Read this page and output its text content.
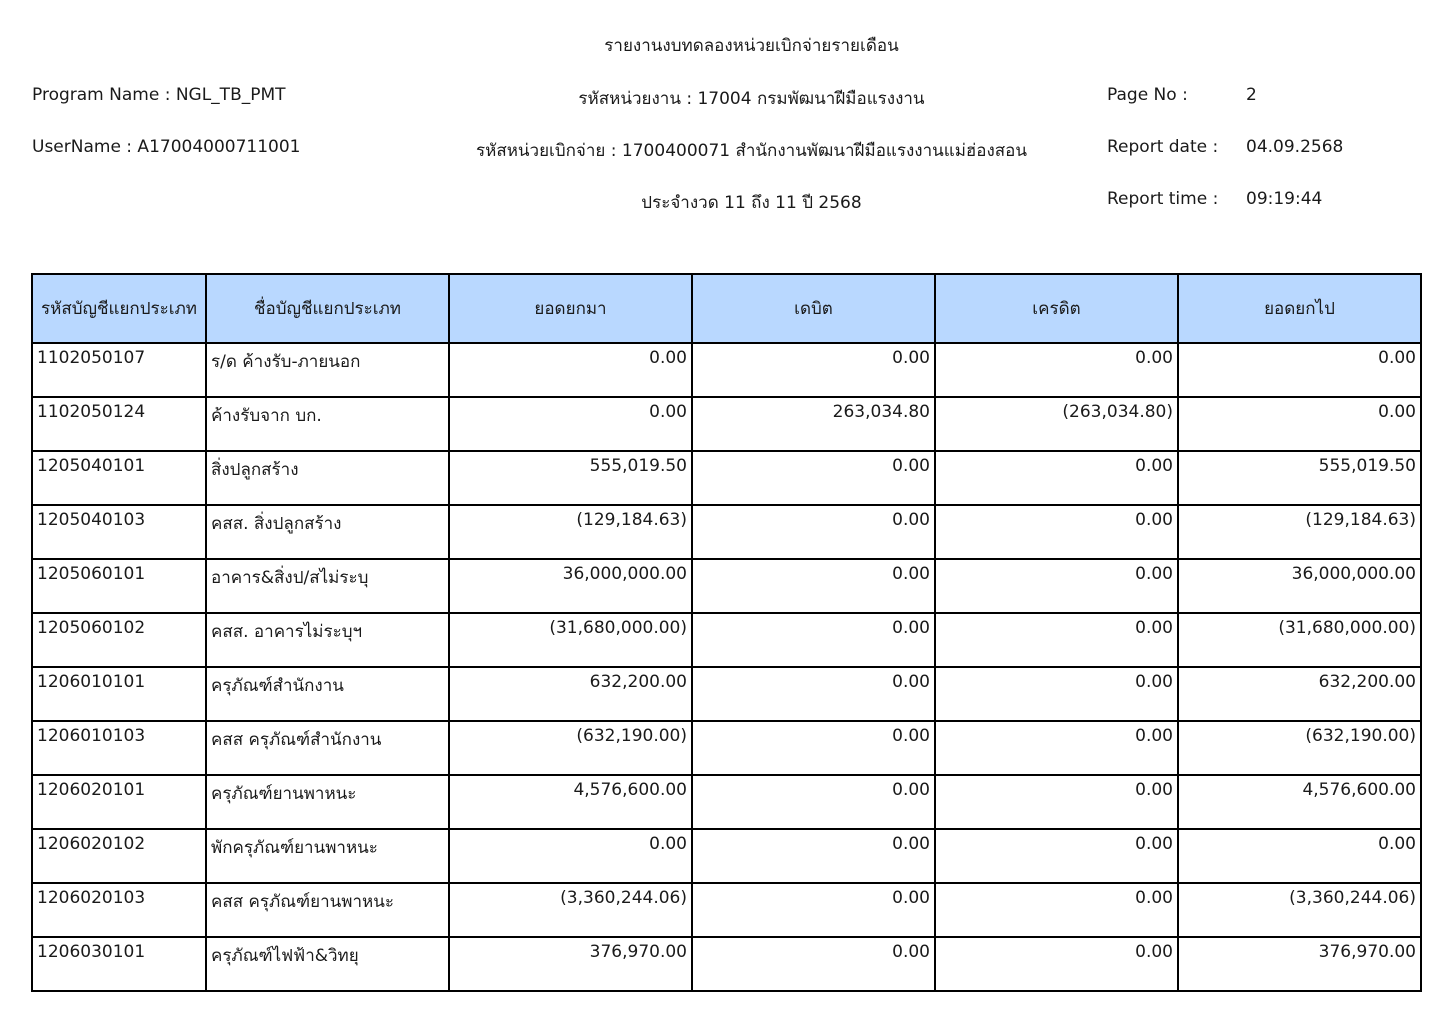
รายงานงบทดลองหน่วยเบิกจ่ายรายเดือน
Program Name : NGL_TB_PMT	รหัสหน่วยงาน : 17004 กรมพัฒนาฝีมือแรงงาน	Page No :	2
UserName : A17004000711001	รหัสหน่วยเบิกจ่าย : 1700400071 สำนักงานพัฒนาฝีมือแรงงานแม่ฮ่องสอน	Report date : 04.09.2568
ประจำงวด 11 ถึง 11 ปี 2568	Report time : 09:19:44
รหัสบัญชีแยกประเภท	ชื่อบัญชีแยกประเภท	ยอดยกมา	เดบิต	เครดิต	ยอดยกไป
1102050107	ร/ด ค้างรับ-ภายนอก	0.00	0.00	0.00	0.00
1102050124	ค้างรับจาก บก.	0.00	263,034.80	(263,034.80)	0.00
1205040101	สิ่งปลูกสร้าง	555,019.50	0.00	0.00	555,019.50
1205040103	คสส. สิ่งปลูกสร้าง	(129,184.63)	0.00	0.00	(129,184.63)
1205060101	อาคาร&สิ่งป/สไม่ระบุ	36,000,000.00	0.00	0.00	36,000,000.00
1205060102	คสส. อาคารไม่ระบุฯ	(31,680,000.00)	0.00	0.00	(31,680,000.00)
1206010101	ครุภัณฑ์สำนักงาน	632,200.00	0.00	0.00	632,200.00
1206010103	คสส ครุภัณฑ์สำนักงาน	(632,190.00)	0.00	0.00	(632,190.00)
1206020101	ครุภัณฑ์ยานพาหนะ	4,576,600.00	0.00	0.00	4,576,600.00
1206020102	พักครุภัณฑ์ยานพาหนะ	0.00	0.00	0.00	0.00
1206020103	คสส ครุภัณฑ์ยานพาหนะ	(3,360,244.06)	0.00	0.00	(3,360,244.06)
1206030101	ครุภัณฑ์ไฟฟ้า&วิทยุ	376,970.00	0.00	0.00	376,970.00
